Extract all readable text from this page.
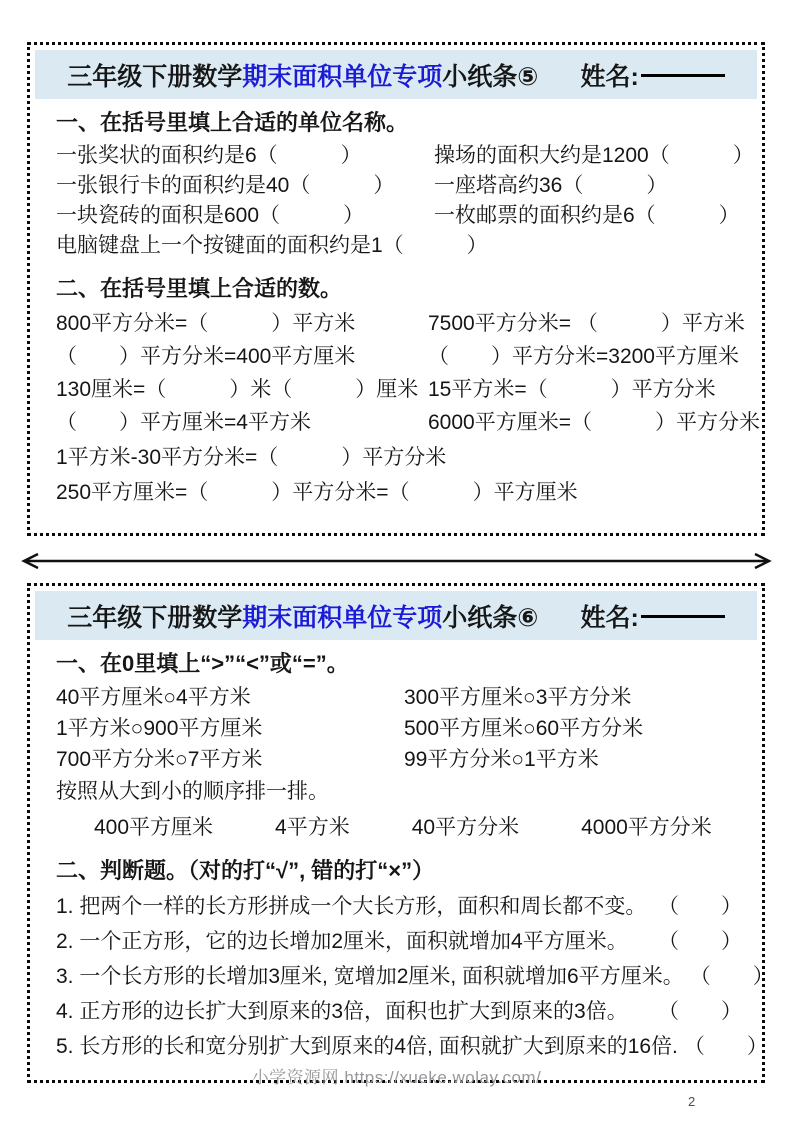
三年级下册数学 期末面积单位专项 小纸条⑤ 姓名:
一、在括号里填上合适的单位名称。
一张奖状的面积约是6（　　　）	操场的面积大约是1200（　　　）
一张银行卡的面积约是40（　　　）	一座塔高约36（　　　）
一块瓷砖的面积是600（　　　）	一枚邮票的面积约是6（　　　）
电脑键盘上一个按键面的面积约是1（　　　）
二、在括号里填上合适的数。
800平方分米=（　　　）平方米	7500平方分米= （　　　）平方米
（　　）平方分米=400平方厘米	（　　）平方分米=3200平方厘米
130厘米=（　　　）米（　　　）厘米 15平方米=（　　　）平方分米
（　　）平方厘米=4平方米	6000平方厘米=（　　　）平方分米
1平方米-30平方分米=（　　　）平方分米
250平方厘米=（　　　）平方分米=（　　　）平方厘米
三年级下册数学 期末面积单位专项 小纸条⑥ 姓名:
一、在0里填上“>”“<”或“=”。
40平方厘米○4平方米	300平方厘米○3平方分米
1平方米○900平方厘米	500平方厘米○60平方分米
700平方分米○7平方米	99平方分米○1平方米
按照从大到小的顺序排一排。
400平方厘米	4平方米	40平方分米	4000平方分米
二、判断题。（对的打“√”, 错的打“×”）
1. 把两个一样的长方形拼成一个大长方形，面积和周长都不变。 （　　）
2. 一个正方形，它的边长增加2厘米，面积就增加4平方厘米。 （　　）
3. 一个长方形的长增加3厘米, 宽增加2厘米, 面积就增加6平方厘米。 （　　）
4. 正方形的边长扩大到原来的3倍，面积也扩大到原来的3倍。 （　　）
5. 长方形的长和宽分别扩大到原来的4倍, 面积就扩大到原来的16倍. （　　）
小学资源网 https://xueke.wolay.com/
2
